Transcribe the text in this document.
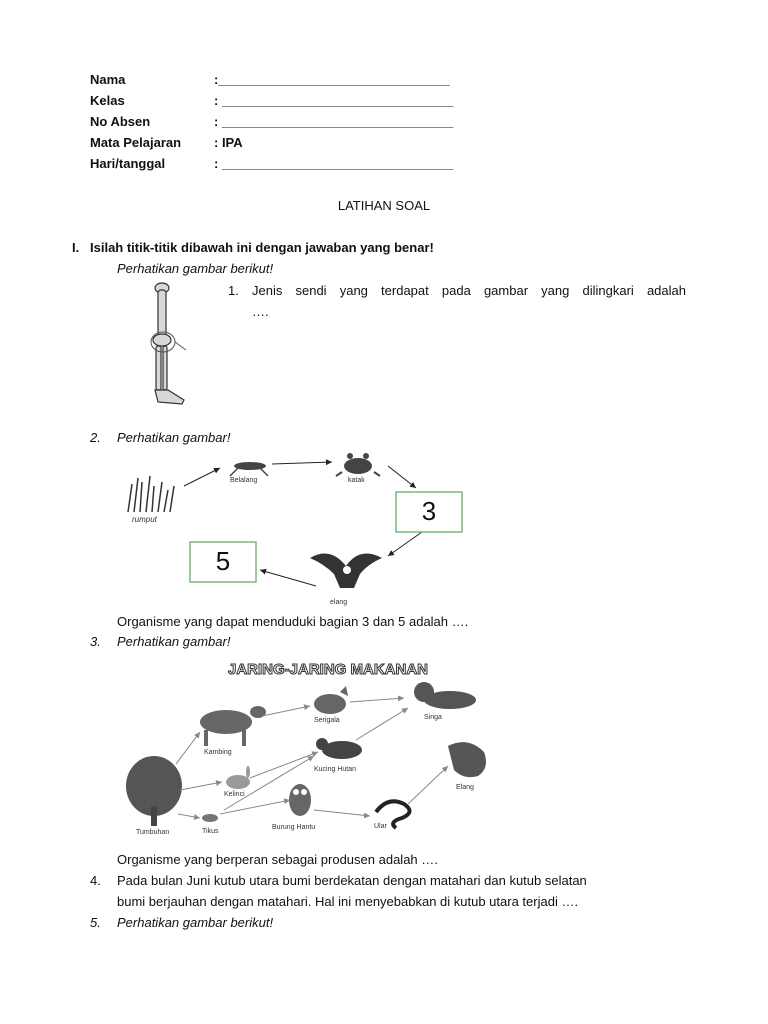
Nama	:________________________________
Kelas	: ________________________________
No Absen	: ________________________________
Mata Pelajaran	: IPA
Hari/tanggal	: ________________________________
LATIHAN SOAL
I. Isilah titik-titik dibawah ini dengan jawaban yang benar!
Perhatikan gambar berikut!
1. Jenis sendi yang terdapat pada gambar yang dilingkari adalah
….
2. Perhatikan gambar!
rumput
Belalang	katak
elang
3
5
Organisme yang dapat menduduki bagian 3 dan 5 adalah ….
3. Perhatikan gambar!
JARING-JARING MAKANAN
Tumbuhan
Kambing
Kelinci
Tikus
Serigala
Kucing Hutan
Burung Hantu	Ular
Singa
Elang
Organisme yang berperan sebagai produsen adalah ….
4. Pada bulan Juni kutub utara bumi berdekatan dengan matahari dan kutub selatan
bumi berjauhan dengan matahari. Hal ini menyebabkan di kutub utara terjadi ….
5. Perhatikan gambar berikut!
